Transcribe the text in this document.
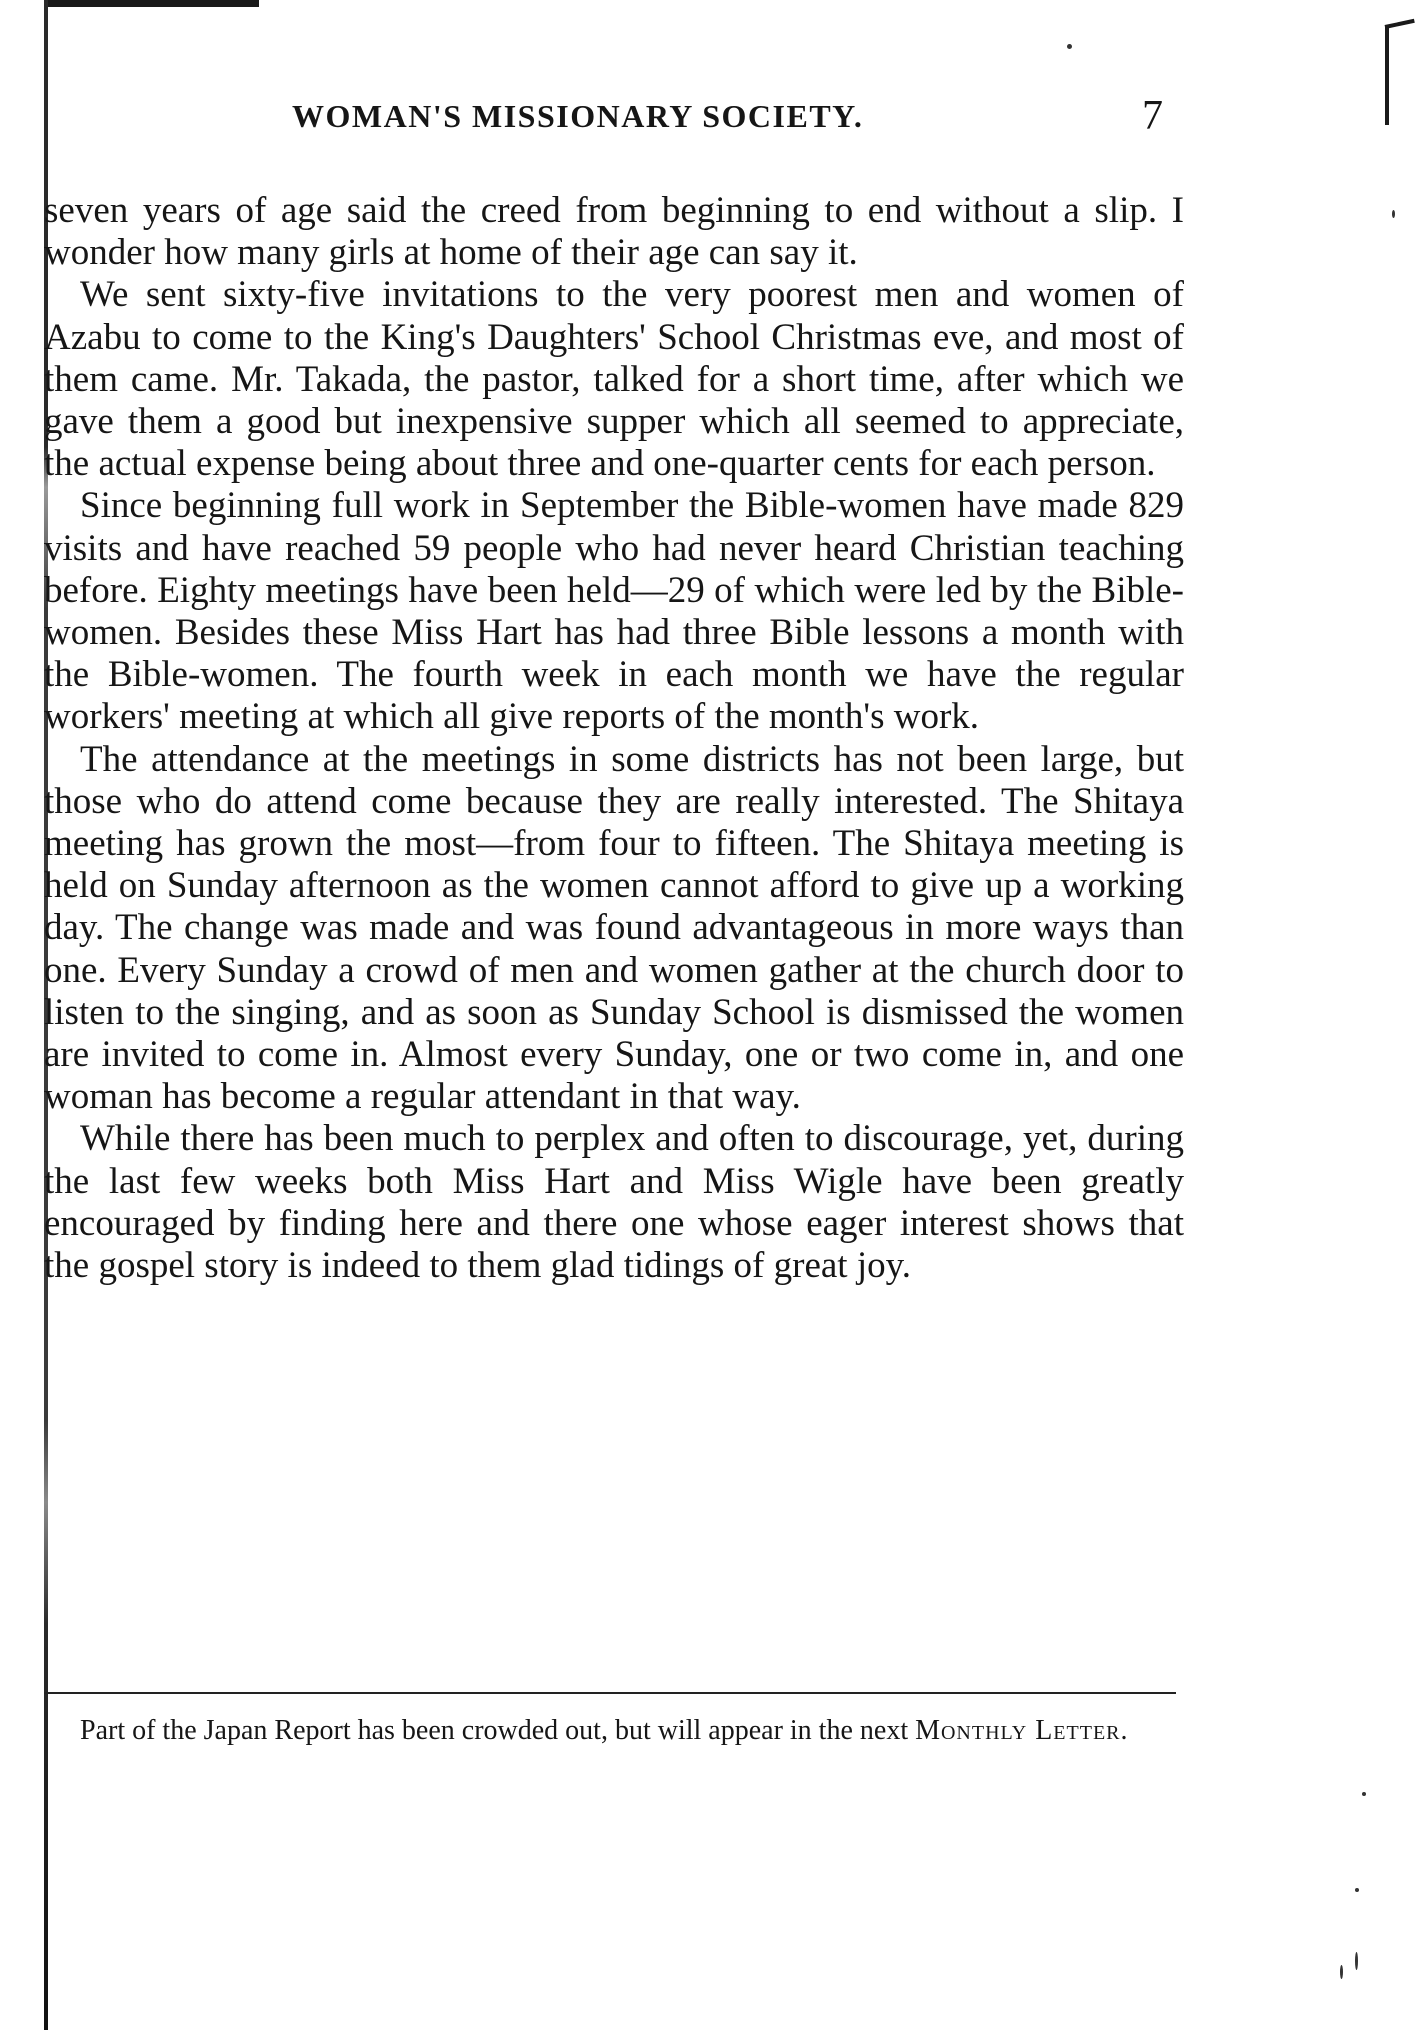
WOMAN'S MISSIONARY SOCIETY.	7

seven years of age said the creed from beginning to end without a slip. I wonder how many girls at home of their age can say it.

We sent sixty-five invitations to the very poorest men and women of Azabu to come to the King's Daughters' School Christmas eve, and most of them came. Mr. Takada, the pastor, talked for a short time, after which we gave them a good but inexpensive supper which all seemed to appreciate, the actual expense being about three and one-quarter cents for each person.

Since beginning full work in September the Bible-women have made 829 visits and have reached 59 people who had never heard Christian teaching before. Eighty meetings have been held—29 of which were led by the Bible-women. Besides these Miss Hart has had three Bible lessons a month with the Bible-women. The fourth week in each month we have the regular workers' meeting at which all give reports of the month's work.

The attendance at the meetings in some districts has not been large, but those who do attend come because they are really interested. The Shitaya meeting has grown the most—from four to fifteen. The Shitaya meeting is held on Sunday afternoon as the women cannot afford to give up a working day. The change was made and was found advantageous in more ways than one. Every Sunday a crowd of men and women gather at the church door to listen to the singing, and as soon as Sunday School is dismissed the women are invited to come in. Almost every Sunday, one or two come in, and one woman has become a regular attendant in that way.

While there has been much to perplex and often to discourage, yet, during the last few weeks both Miss Hart and Miss Wigle have been greatly encouraged by finding here and there one whose eager interest shows that the gospel story is indeed to them glad tidings of great joy.

Part of the Japan Report has been crowded out, but will appear in the next Monthly Letter.
